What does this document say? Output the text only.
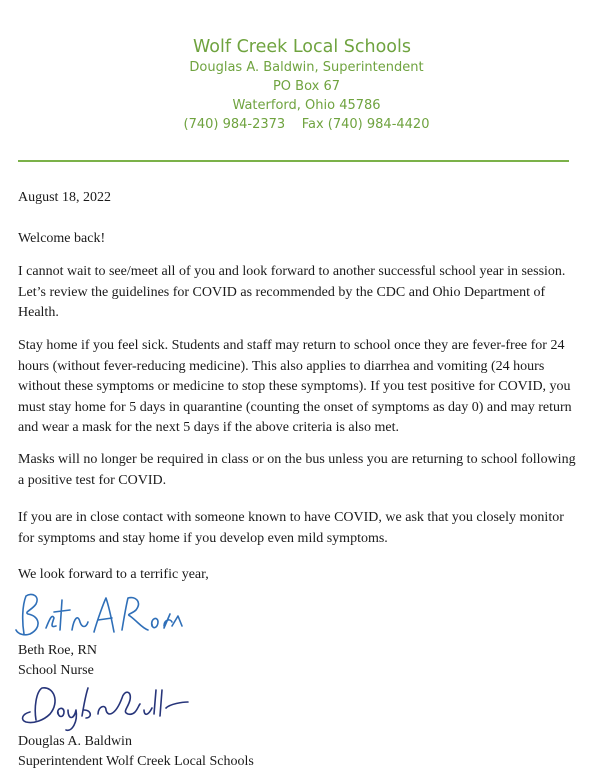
Wolf Creek Local Schools
Douglas A. Baldwin, Superintendent
PO Box 67
Waterford, Ohio 45786
(740) 984-2373    Fax (740) 984-4420

August 18, 2022

Welcome back!

I cannot wait to see/meet all of you and look forward to another successful school year in session. Let’s review the guidelines for COVID as recommended by the CDC and Ohio Department of Health.

Stay home if you feel sick. Students and staff may return to school once they are fever-free for 24 hours (without fever-reducing medicine). This also applies to diarrhea and vomiting (24 hours without these symptoms or medicine to stop these symptoms). If you test positive for COVID, you must stay home for 5 days in quarantine (counting the onset of symptoms as day 0) and may return and wear a mask for the next 5 days if the above criteria is also met.

Masks will no longer be required in class or on the bus unless you are returning to school following a positive test for COVID.

If you are in close contact with someone known to have COVID, we ask that you closely monitor for symptoms and stay home if you develop even mild symptoms.

We look forward to a terrific year,

Beth Roe, RN

School Nurse

Douglas A. Baldwin

Superintendent Wolf Creek Local Schools
